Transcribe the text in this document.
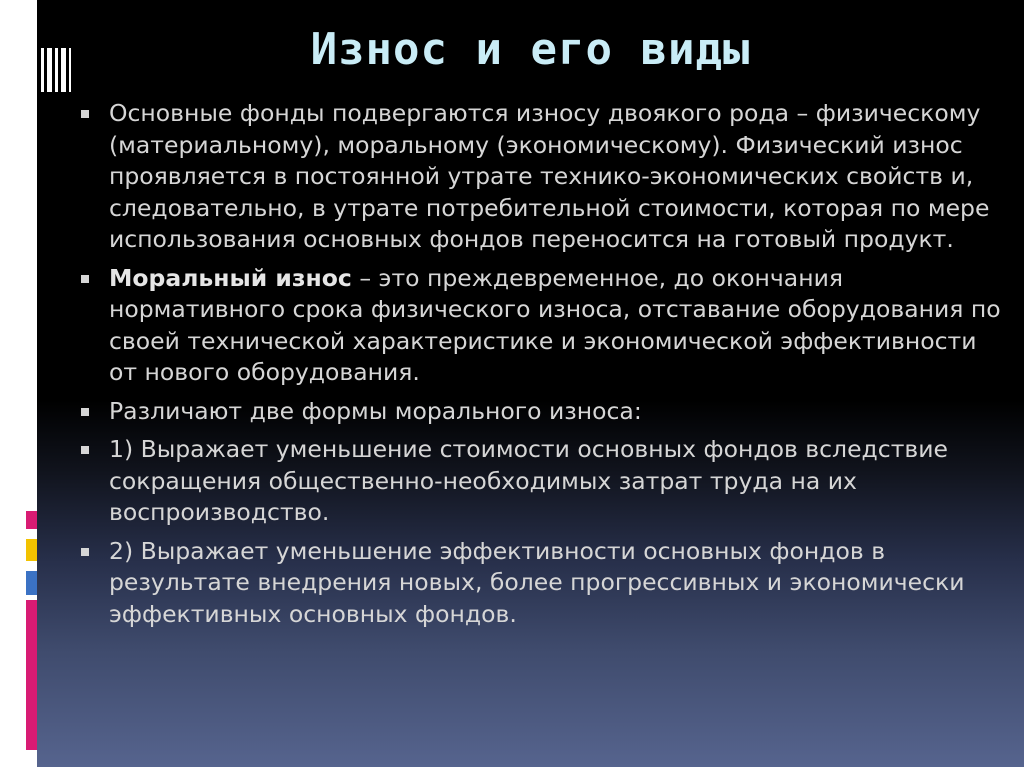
Износ и его виды
Основные фонды подвергаются износу двоякого рода – физическому (материальному), моральному (экономическому). Физический износ проявляется в постоянной утрате технико-экономических свойств и, следовательно, в утрате потребительной стоимости, которая по мере использования основных фондов переносится на готовый продукт.
Моральный износ – это преждевременное, до окончания нормативного срока физического износа, отставание оборудования по своей технической характеристике и экономической эффективности от нового оборудования.
Различают две формы морального износа:
1) Выражает уменьшение стоимости основных фондов вследствие сокращения общественно-необходимых затрат труда на их воспроизводство.
2) Выражает уменьшение эффективности основных фондов в результате внедрения новых, более прогрессивных и экономически эффективных основных фондов.
